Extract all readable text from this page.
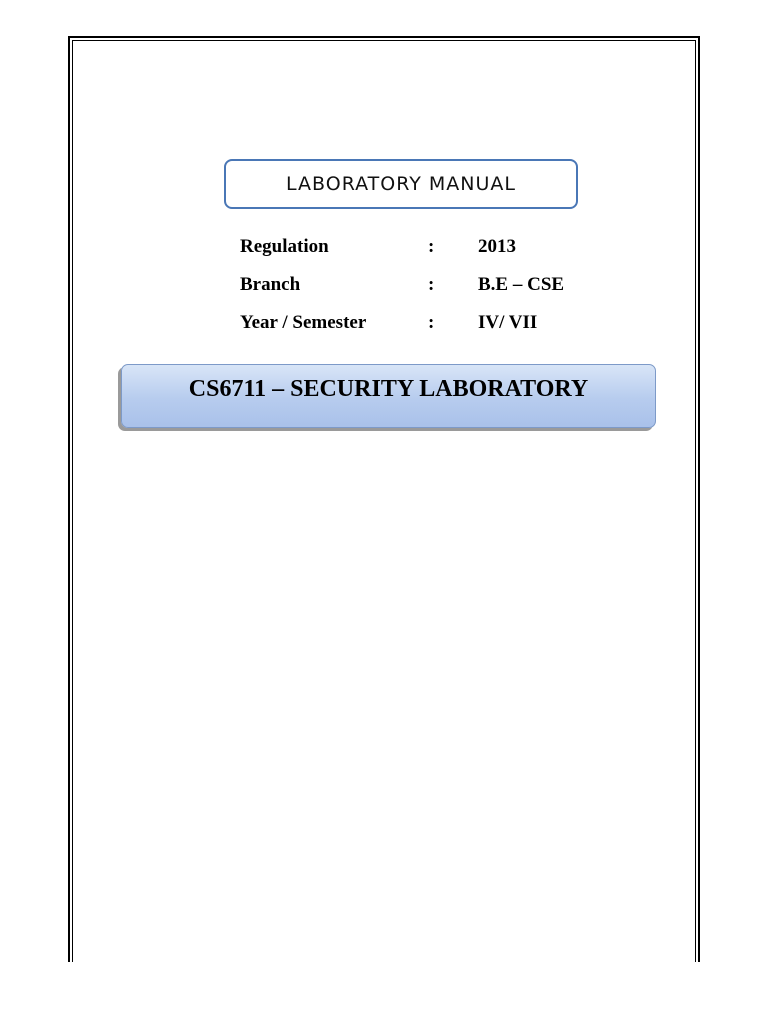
LABORATORY MANUAL
Regulation	:	2013
Branch	:	B.E – CSE
Year / Semester	:	IV/ VII
CS6711 – SECURITY LABORATORY
